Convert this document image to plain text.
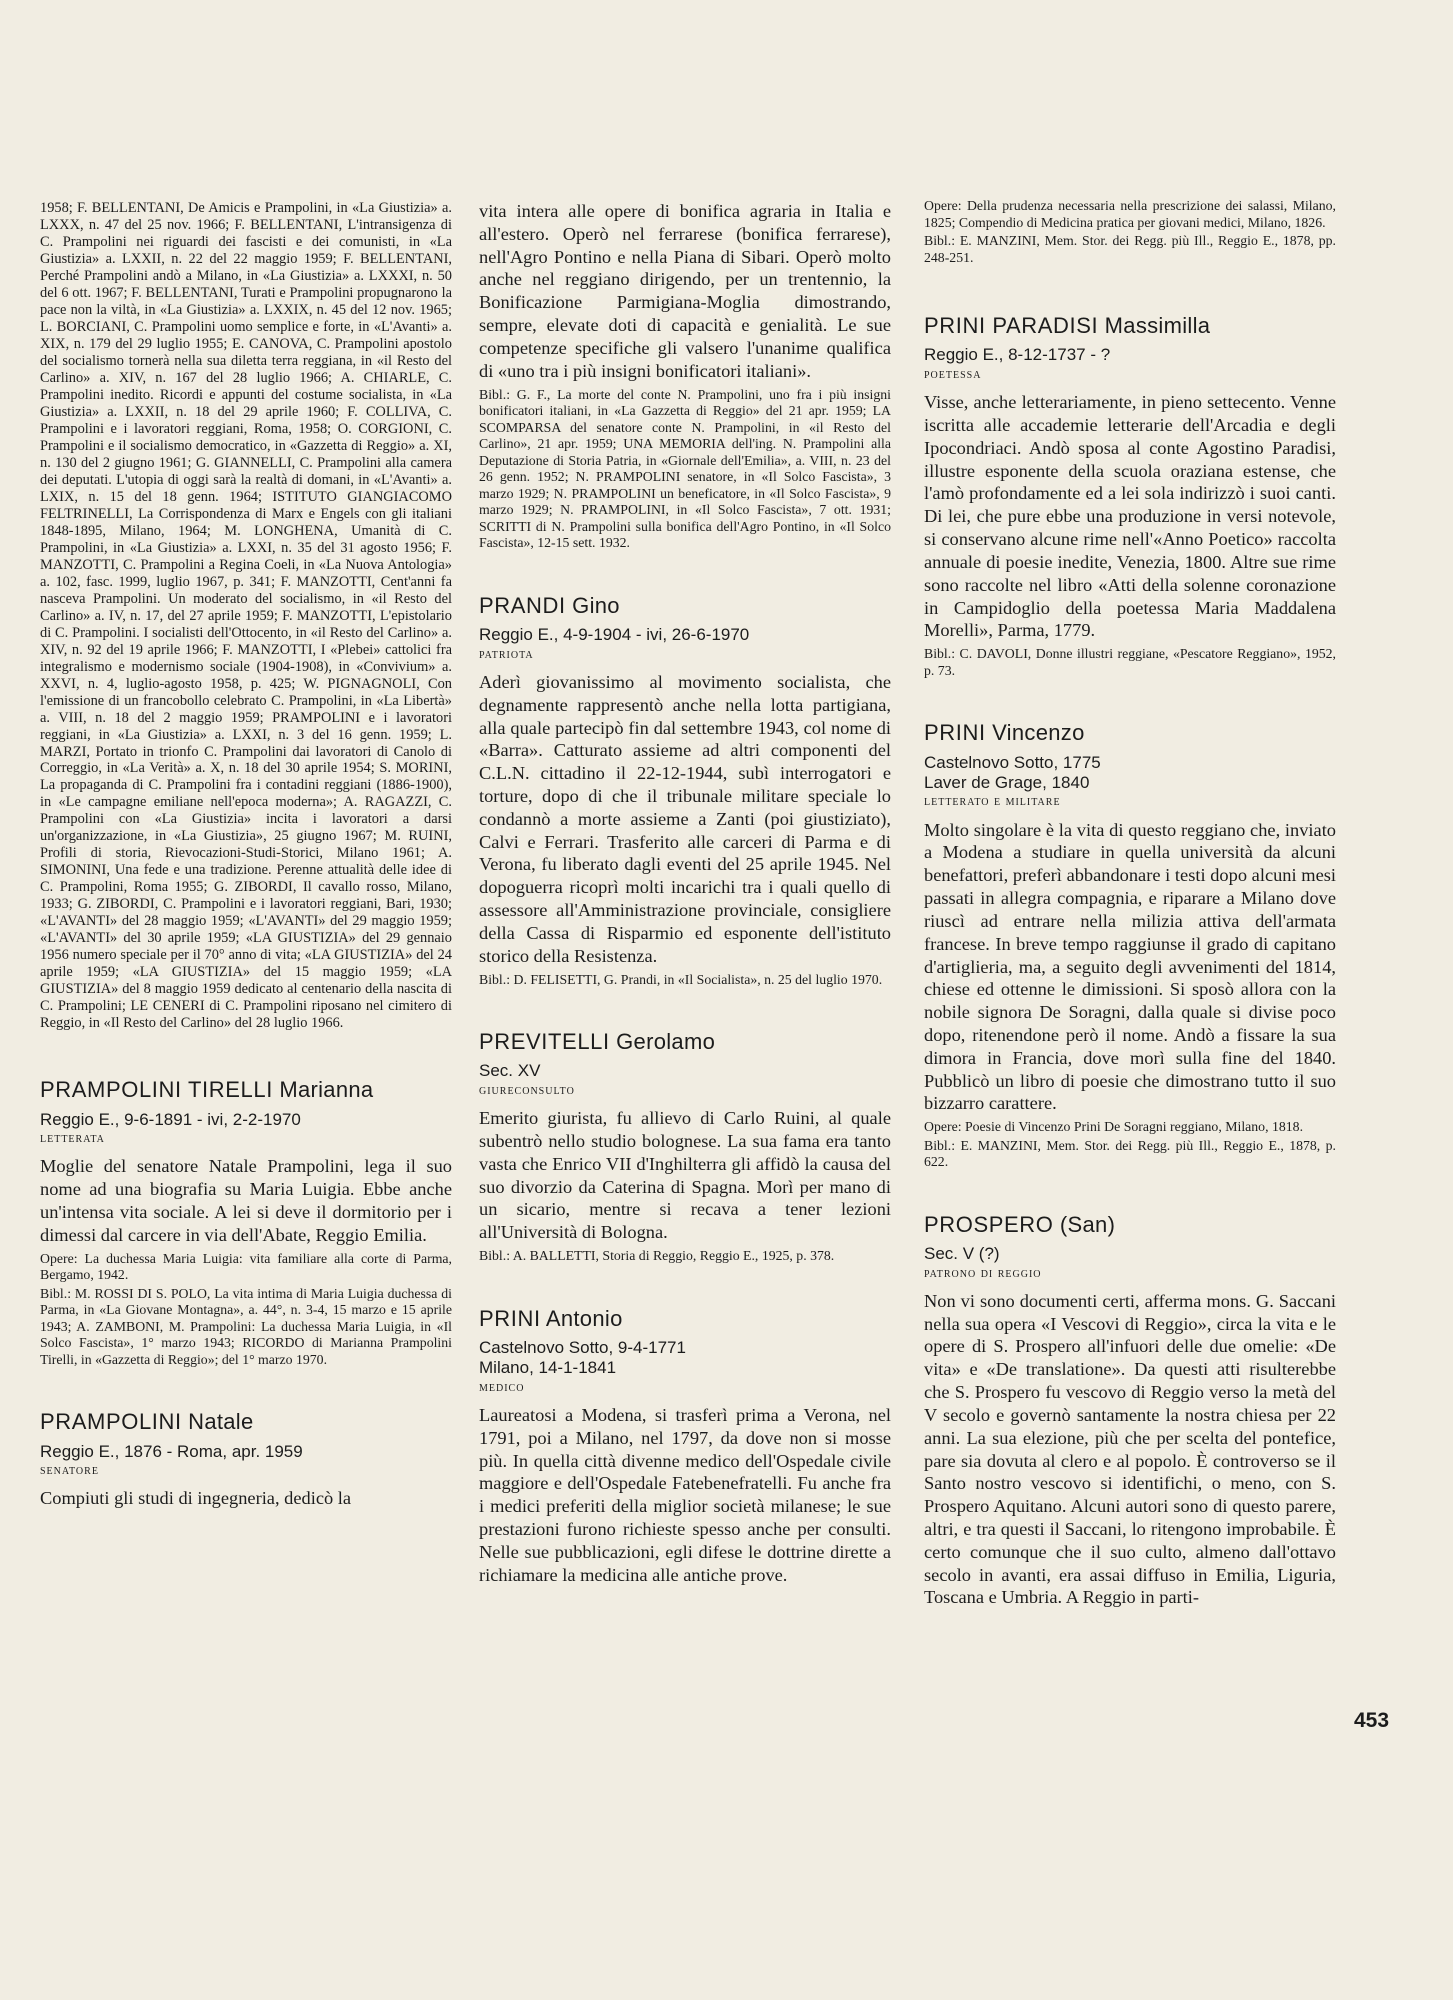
1958; F. BELLENTANI, De Amicis e Prampolini, in «La Giustizia» a. LXXX, n. 47 del 25 nov. 1966; F. BELLENTANI, L'intransigenza di C. Prampolini nei riguardi dei fascisti e dei comunisti, in «La Giustizia» a. LXXII, n. 22 del 22 maggio 1959; F. BELLENTANI, Perché Prampolini andò a Milano, in «La Giustizia» a. LXXXI, n. 50 del 6 ott. 1967; F. BELLENTANI, Turati e Prampolini propugnarono la pace non la viltà, in «La Giustizia» a. LXXIX, n. 45 del 12 nov. 1965; L. BORCIANI, C. Prampolini uomo semplice e forte, in «L'Avanti» a. XIX, n. 179 del 29 luglio 1955; E. CANOVA, C. Prampolini apostolo del socialismo tornerà nella sua diletta terra reggiana, in «il Resto del Carlino» a. XIV, n. 167 del 28 luglio 1966; A. CHIARLE, C. Prampolini inedito. Ricordi e appunti del costume socialista, in «La Giustizia» a. LXXII, n. 18 del 29 aprile 1960; F. COLLIVA, C. Prampolini e i lavoratori reggiani, Roma, 1958; O. CORGIONI, C. Prampolini e il socialismo democratico, in «Gazzetta di Reggio» a. XI, n. 130 del 2 giugno 1961; G. GIANNELLI, C. Prampolini alla camera dei deputati. L'utopia di oggi sarà la realtà di domani, in «L'Avanti» a. LXIX, n. 15 del 18 genn. 1964; ISTITUTO GIANGIACOMO FELTRINELLI, La Corrispondenza di Marx e Engels con gli italiani 1848-1895, Milano, 1964; M. LONGHENA, Umanità di C. Prampolini, in «La Giustizia» a. LXXI, n. 35 del 31 agosto 1956; F. MANZOTTI, C. Prampolini a Regina Coeli, in «La Nuova Antologia» a. 102, fasc. 1999, luglio 1967, p. 341; F. MANZOTTI, Cent'anni fa nasceva Prampolini. Un moderato del socialismo, in «il Resto del Carlino» a. IV, n. 17, del 27 aprile 1959; F. MANZOTTI, L'epistolario di C. Prampolini. I socialisti dell'Ottocento, in «il Resto del Carlino» a. XIV, n. 92 del 19 aprile 1966; F. MANZOTTI, I «Plebei» cattolici fra integralismo e modernismo sociale (1904-1908), in «Convivium» a. XXVI, n. 4, luglio-agosto 1958, p. 425; W. PIGNAGNOLI, Con l'emissione di un francobollo celebrato C. Prampolini, in «La Libertà» a. VIII, n. 18 del 2 maggio 1959; PRAMPOLINI e i lavoratori reggiani, in «La Giustizia» a. LXXI, n. 3 del 16 genn. 1959; L. MARZI, Portato in trionfo C. Prampolini dai lavoratori di Canolo di Correggio, in «La Verità» a. X, n. 18 del 30 aprile 1954; S. MORINI, La propaganda di C. Prampolini fra i contadini reggiani (1886-1900), in «Le campagne emiliane nell'epoca moderna»; A. RAGAZZI, C. Prampolini con «La Giustizia» incita i lavoratori a darsi un'organizzazione, in «La Giustizia», 25 giugno 1967; M. RUINI, Profili di storia, Rievocazioni-Studi-Storici, Milano 1961; A. SIMONINI, Una fede e una tradizione. Perenne attualità delle idee di C. Prampolini, Roma 1955; G. ZIBORDI, Il cavallo rosso, Milano, 1933; G. ZIBORDI, C. Prampolini e i lavoratori reggiani, Bari, 1930; «L'AVANTI» del 28 maggio 1959; «L'AVANTI» del 29 maggio 1959; «L'AVANTI» del 30 aprile 1959; «LA GIUSTIZIA» del 29 gennaio 1956 numero speciale per il 70° anno di vita; «LA GIUSTIZIA» del 24 aprile 1959; «LA GIUSTIZIA» del 15 maggio 1959; «LA GIUSTIZIA» del 8 maggio 1959 dedicato al centenario della nascita di C. Prampolini; LE CENERI di C. Prampolini riposano nel cimitero di Reggio, in «Il Resto del Carlino» del 28 luglio 1966.

PRAMPOLINI TIRELLI Marianna

Reggio E., 9-6-1891 - ivi, 2-2-1970

letterata

Moglie del senatore Natale Prampolini, lega il suo nome ad una biografia su Maria Luigia. Ebbe anche un'intensa vita sociale. A lei si deve il dormitorio per i dimessi dal carcere in via dell'Abate, Reggio Emilia.

Opere: La duchessa Maria Luigia: vita familiare alla corte di Parma, Bergamo, 1942.

Bibl.: M. ROSSI DI S. POLO, La vita intima di Maria Luigia duchessa di Parma, in «La Giovane Montagna», a. 44°, n. 3-4, 15 marzo e 15 aprile 1943; A. ZAMBONI, M. Prampolini: La duchessa Maria Luigia, in «Il Solco Fascista», 1° marzo 1943; RICORDO di Marianna Prampolini Tirelli, in «Gazzetta di Reggio»; del 1° marzo 1970.

PRAMPOLINI Natale

Reggio E., 1876 - Roma, apr. 1959

senatore

Compiuti gli studi di ingegneria, dedicò la

vita intera alle opere di bonifica agraria in Italia e all'estero. Operò nel ferrarese (bonifica ferrarese), nell'Agro Pontino e nella Piana di Sibari. Operò molto anche nel reggiano dirigendo, per un trentennio, la Bonificazione Parmigiana-Moglia dimostrando, sempre, elevate doti di capacità e genialità. Le sue competenze specifiche gli valsero l'unanime qualifica di «uno tra i più insigni bonificatori italiani».

Bibl.: G. F., La morte del conte N. Prampolini, uno fra i più insigni bonificatori italiani, in «La Gazzetta di Reggio» del 21 apr. 1959; LA SCOMPARSA del senatore conte N. Prampolini, in «il Resto del Carlino», 21 apr. 1959; UNA MEMORIA dell'ing. N. Prampolini alla Deputazione di Storia Patria, in «Giornale dell'Emilia», a. VIII, n. 23 del 26 genn. 1952; N. PRAMPOLINI senatore, in «Il Solco Fascista», 3 marzo 1929; N. PRAMPOLINI un beneficatore, in «Il Solco Fascista», 9 marzo 1929; N. PRAMPOLINI, in «Il Solco Fascista», 7 ott. 1931; SCRITTI di N. Prampolini sulla bonifica dell'Agro Pontino, in «Il Solco Fascista», 12-15 sett. 1932.

PRANDI Gino

Reggio E., 4-9-1904 - ivi, 26-6-1970

patriota

Aderì giovanissimo al movimento socialista, che degnamente rappresentò anche nella lotta partigiana, alla quale partecipò fin dal settembre 1943, col nome di «Barra». Catturato assieme ad altri componenti del C.L.N. cittadino il 22-12-1944, subì interrogatori e torture, dopo di che il tribunale militare speciale lo condannò a morte assieme a Zanti (poi giustiziato), Calvi e Ferrari. Trasferito alle carceri di Parma e di Verona, fu liberato dagli eventi del 25 aprile 1945. Nel dopoguerra ricoprì molti incarichi tra i quali quello di assessore all'Amministrazione provinciale, consigliere della Cassa di Risparmio ed esponente dell'istituto storico della Resistenza.

Bibl.: D. FELISETTI, G. Prandi, in «Il Socialista», n. 25 del luglio 1970.

PREVITELLI Gerolamo

Sec. XV

giureconsulto

Emerito giurista, fu allievo di Carlo Ruini, al quale subentrò nello studio bolognese. La sua fama era tanto vasta che Enrico VII d'Inghilterra gli affidò la causa del suo divorzio da Caterina di Spagna. Morì per mano di un sicario, mentre si recava a tener lezioni all'Università di Bologna.

Bibl.: A. BALLETTI, Storia di Reggio, Reggio E., 1925, p. 378.

PRINI Antonio

Castelnovo Sotto, 9-4-1771

Milano, 14-1-1841

medico

Laureatosi a Modena, si trasferì prima a Verona, nel 1791, poi a Milano, nel 1797, da dove non si mosse più. In quella città divenne medico dell'Ospedale civile maggiore e dell'Ospedale Fatebenefratelli. Fu anche fra i medici preferiti della miglior società milanese; le sue prestazioni furono richieste spesso anche per consulti. Nelle sue pubblicazioni, egli difese le dottrine dirette a richiamare la medicina alle antiche prove.

Opere: Della prudenza necessaria nella prescrizione dei salassi, Milano, 1825; Compendio di Medicina pratica per giovani medici, Milano, 1826.

Bibl.: E. MANZINI, Mem. Stor. dei Regg. più Ill., Reggio E., 1878, pp. 248-251.

PRINI PARADISI Massimilla

Reggio E., 8-12-1737 - ?

poetessa

Visse, anche letterariamente, in pieno settecento. Venne iscritta alle accademie letterarie dell'Arcadia e degli Ipocondriaci. Andò sposa al conte Agostino Paradisi, illustre esponente della scuola oraziana estense, che l'amò profondamente ed a lei sola indirizzò i suoi canti. Di lei, che pure ebbe una produzione in versi notevole, si conservano alcune rime nell'«Anno Poetico» raccolta annuale di poesie inedite, Venezia, 1800. Altre sue rime sono raccolte nel libro «Atti della solenne coronazione in Campidoglio della poetessa Maria Maddalena Morelli», Parma, 1779.

Bibl.: C. DAVOLI, Donne illustri reggiane, «Pescatore Reggiano», 1952, p. 73.

PRINI Vincenzo

Castelnovo Sotto, 1775

Laver de Grage, 1840

letterato e militare

Molto singolare è la vita di questo reggiano che, inviato a Modena a studiare in quella università da alcuni benefattori, preferì abbandonare i testi dopo alcuni mesi passati in allegra compagnia, e riparare a Milano dove riuscì ad entrare nella milizia attiva dell'armata francese. In breve tempo raggiunse il grado di capitano d'artiglieria, ma, a seguito degli avvenimenti del 1814, chiese ed ottenne le dimissioni. Si sposò allora con la nobile signora De Soragni, dalla quale si divise poco dopo, ritenendone però il nome. Andò a fissare la sua dimora in Francia, dove morì sulla fine del 1840. Pubblicò un libro di poesie che dimostrano tutto il suo bizzarro carattere.

Opere: Poesie di Vincenzo Prini De Soragni reggiano, Milano, 1818.

Bibl.: E. MANZINI, Mem. Stor. dei Regg. più Ill., Reggio E., 1878, p. 622.

PROSPERO (San)

Sec. V (?)

patrono di reggio

Non vi sono documenti certi, afferma mons. G. Saccani nella sua opera «I Vescovi di Reggio», circa la vita e le opere di S. Prospero all'infuori delle due omelie: «De vita» e «De translatione». Da questi atti risulterebbe che S. Prospero fu vescovo di Reggio verso la metà del V secolo e governò santamente la nostra chiesa per 22 anni. La sua elezione, più che per scelta del pontefice, pare sia dovuta al clero e al popolo. È controverso se il Santo nostro vescovo si identifichi, o meno, con S. Prospero Aquitano. Alcuni autori sono di questo parere, altri, e tra questi il Saccani, lo ritengono improbabile. È certo comunque che il suo culto, almeno dall'ottavo secolo in avanti, era assai diffuso in Emilia, Liguria, Toscana e Umbria. A Reggio in parti-

453
